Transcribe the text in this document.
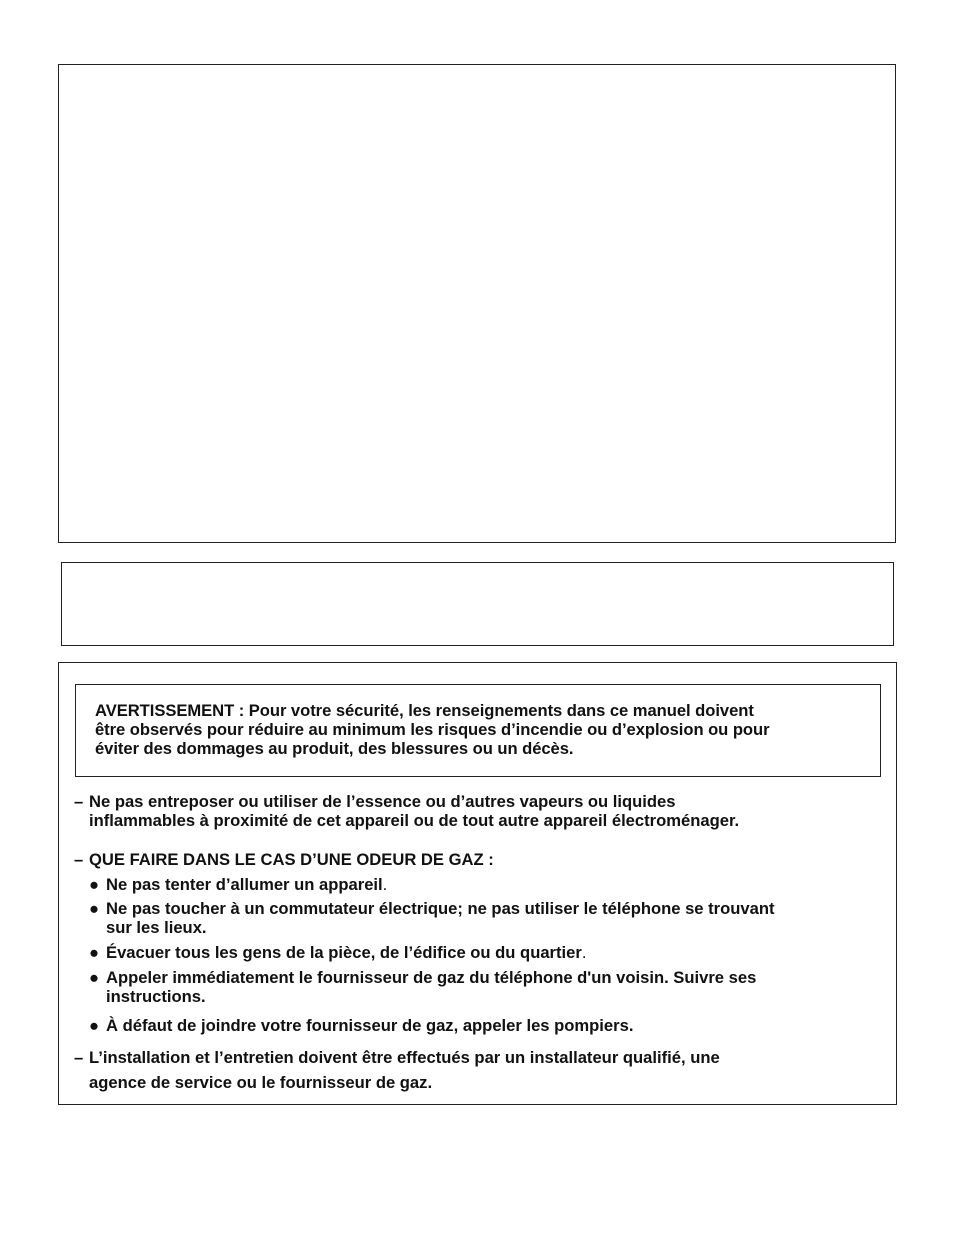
AVERTISSEMENT : Pour votre sécurité, les renseignements dans ce manuel doivent

être observés pour réduire au minimum les risques d’incendie ou d’explosion ou pour

éviter des dommages au produit, des blessures ou un décès.

– Ne pas entreposer ou utiliser de l’essence ou d’autres vapeurs ou liquides

inflammables à proximité de cet appareil ou de tout autre appareil électroménager.

– QUE FAIRE DANS LE CAS D’UNE ODEUR DE GAZ :

● Ne pas tenter d’allumer un appareil.

● Ne pas toucher à un commutateur électrique; ne pas utiliser le téléphone se trouvant

sur les lieux.

● Évacuer tous les gens de la pièce, de l’édifice ou du quartier.

● Appeler immédiatement le fournisseur de gaz du téléphone d'un voisin. Suivre ses

instructions.

● À défaut de joindre votre fournisseur de gaz, appeler les pompiers.

– L’installation et l’entretien doivent être effectués par un installateur qualifié, une

agence de service ou le fournisseur de gaz.
